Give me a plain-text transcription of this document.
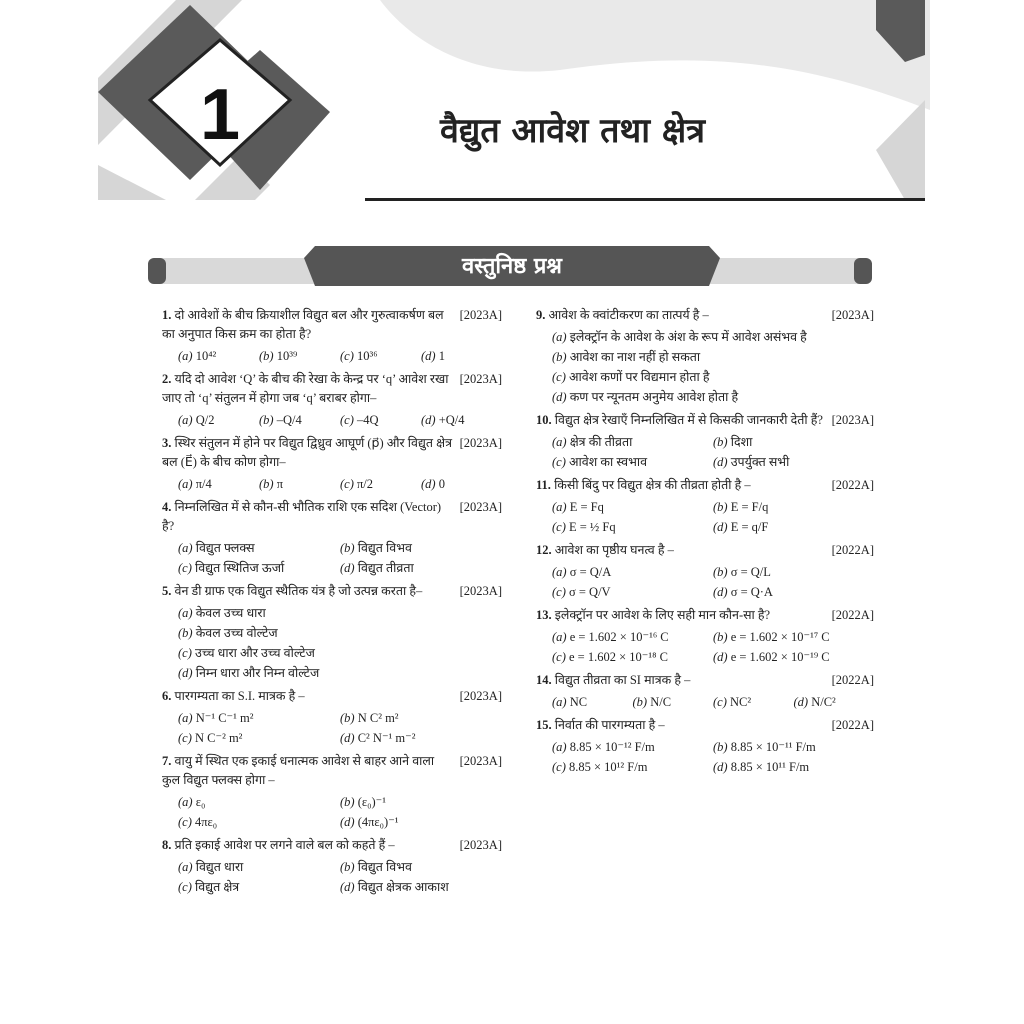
1	वैद्युत आवेश तथा क्षेत्र
वस्तुनिष्ठ प्रश्न
[2023A]
1. दो आवेशों के बीच क्रियाशील विद्युत बल और गुरुत्वाकर्षण बल का अनुपात किस क्रम का होता है?
(a) 10⁴²	(b) 10³⁹	(c) 10³⁶	(d) 1
[2023A]
2. यदि दो आवेश ‘Q’ के बीच की रेखा के केन्द्र पर ‘q’ आवेश रखा जाए तो ‘q’ संतुलन में होगा जब ‘q’ बराबर होगा–
(a) Q/2	(b) –Q/4	(c) –4Q	(d) +Q/4
[2023A]
3. स्थिर संतुलन में होने पर विद्युत द्विध्रुव आघूर्ण (p⃗) और विद्युत क्षेत्र बल (E⃗) के बीच कोण होगा–
(a) π/4	(b) π	(c) π/2	(d) 0
[2023A]
4. निम्नलिखित में से कौन-सी भौतिक राशि एक सदिश (Vector) है?
(a) विद्युत फ्लक्स	(b) विद्युत विभव
(c) विद्युत स्थितिज ऊर्जा	(d) विद्युत तीव्रता
[2023A]
5. वेन डी ग्राफ एक विद्युत स्थैतिक यंत्र है जो उत्पन्न करता है–
(a) केवल उच्च धारा
(b) केवल उच्च वोल्टेज
(c) उच्च धारा और उच्च वोल्टेज
(d) निम्न धारा और निम्न वोल्टेज
[2023A]
6. पारगम्यता का S.I. मात्रक है –
(a) N⁻¹ C⁻¹ m²	(b) N C² m²
(c) N C⁻² m²	(d) C² N⁻¹ m⁻²
[2023A]
7. वायु में स्थित एक इकाई धनात्मक आवेश से बाहर आने वाला कुल विद्युत फ्लक्स होगा –
(a) ε₀	(b) (ε₀)⁻¹
(c) 4πε₀	(d) (4πε₀)⁻¹
[2023A]
8. प्रति इकाई आवेश पर लगने वाले बल को कहते हैं –
(a) विद्युत धारा	(b) विद्युत विभव
(c) विद्युत क्षेत्र	(d) विद्युत क्षेत्रक आकाश
[2023A]
9. आवेश के क्वांटीकरण का तात्पर्य है –
(a) इलेक्ट्रॉन के आवेश के अंश के रूप में आवेश असंभव है
(b) आवेश का नाश नहीं हो सकता
(c) आवेश कणों पर विद्यमान होता है
(d) कण पर न्यूनतम अनुमेय आवेश होता है
[2023A]
10. विद्युत क्षेत्र रेखाएँ निम्नलिखित में से किसकी जानकारी देती हैं?
(a) क्षेत्र की तीव्रता	(b) दिशा
(c) आवेश का स्वभाव	(d) उपर्युक्त सभी
[2022A]
11. किसी बिंदु पर विद्युत क्षेत्र की तीव्रता होती है –
(a) E = Fq	(b) E = F/q
(c) E = ½ Fq	(d) E = q/F
[2022A]
12. आवेश का पृष्ठीय घनत्व है –
(a) σ = Q/A	(b) σ = Q/L
(c) σ = Q/V	(d) σ = Q·A
[2022A]
13. इलेक्ट्रॉन पर आवेश के लिए सही मान कौन-सा है?
(a) e = 1.602 × 10⁻¹⁶ C	(b) e = 1.602 × 10⁻¹⁷ C
(c) e = 1.602 × 10⁻¹⁸ C	(d) e = 1.602 × 10⁻¹⁹ C
[2022A]
14. विद्युत तीव्रता का SI मात्रक है –
(a) NC	(b) N/C	(c) NC²	(d) N/C²
[2022A]
15. निर्वात की पारगम्यता है –
(a) 8.85 × 10⁻¹² F/m	(b) 8.85 × 10⁻¹¹ F/m
(c) 8.85 × 10¹² F/m	(d) 8.85 × 10¹¹ F/m
